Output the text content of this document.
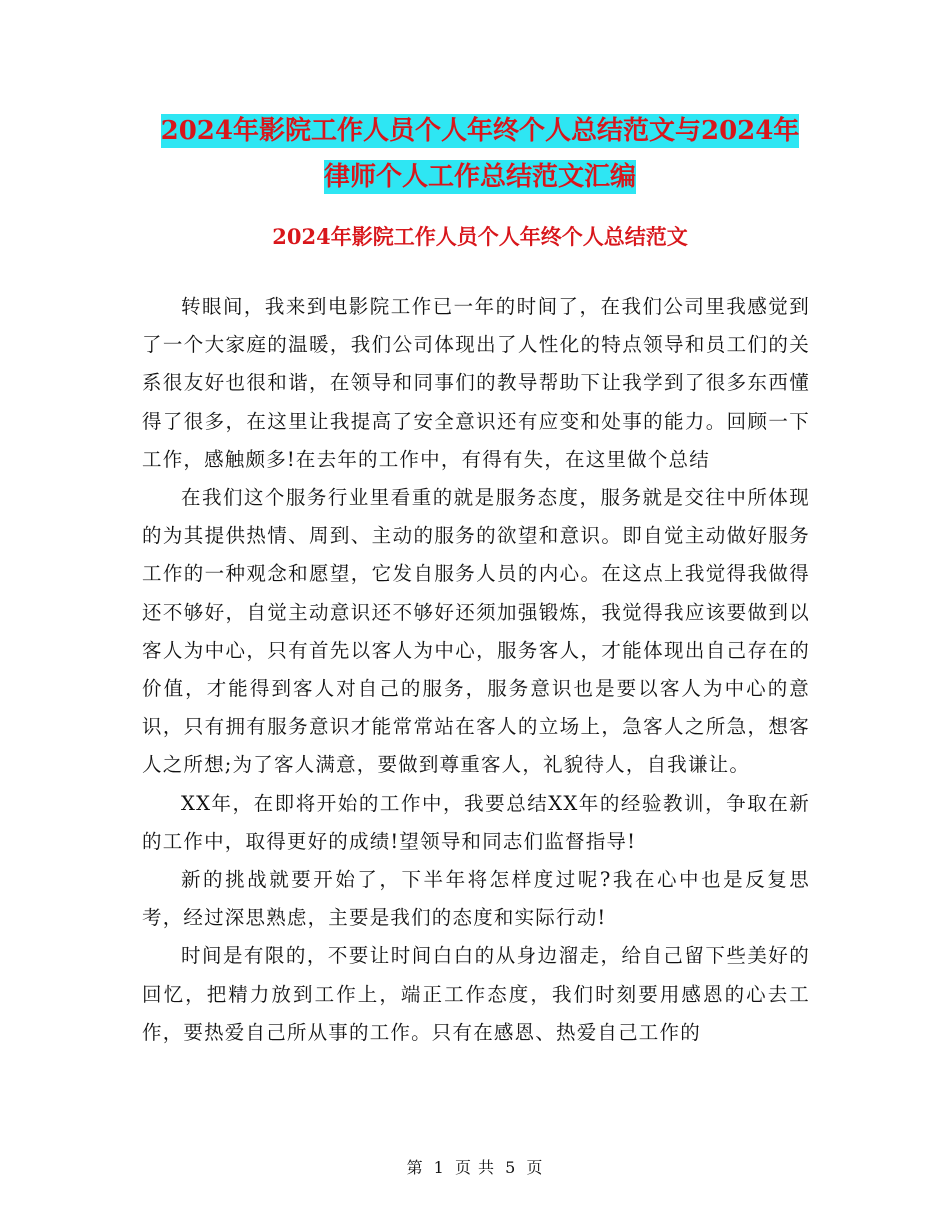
2024年影院工作人员个人年终个人总结范文与2024年
律师个人工作总结范文汇编
2024年影院工作人员个人年终个人总结范文

转眼间，我来到电影院工作已一年的时间了，在我们公司里我感觉到了一个大家庭的温暖，我们公司体现出了人性化的特点领导和员工们的关系很友好也很和谐，在领导和同事们的教导帮助下让我学到了很多东西懂得了很多，在这里让我提高了安全意识还有应变和处事的能力。回顾一下工作，感触颇多!在去年的工作中，有得有失，在这里做个总结

在我们这个服务行业里看重的就是服务态度，服务就是交往中所体现的为其提供热情、周到、主动的服务的欲望和意识。即自觉主动做好服务工作的一种观念和愿望，它发自服务人员的内心。在这点上我觉得我做得还不够好，自觉主动意识还不够好还须加强锻炼，我觉得我应该要做到以客人为中心，只有首先以客人为中心，服务客人，才能体现出自己存在的价值，才能得到客人对自己的服务，服务意识也是要以客人为中心的意识，只有拥有服务意识才能常常站在客人的立场上，急客人之所急，想客人之所想;为了客人满意，要做到尊重客人，礼貌待人，自我谦让。

XX年，在即将开始的工作中，我要总结XX年的经验教训，争取在新的工作中，取得更好的成绩!望领导和同志们监督指导!

新的挑战就要开始了，下半年将怎样度过呢?我在心中也是反复思考，经过深思熟虑，主要是我们的态度和实际行动!

时间是有限的，不要让时间白白的从身边溜走，给自己留下些美好的回忆，把精力放到工作上，端正工作态度，我们时刻要用感恩的心去工作，要热爱自己所从事的工作。只有在感恩、热爱自己工作的

第 1 页 共 5 页
